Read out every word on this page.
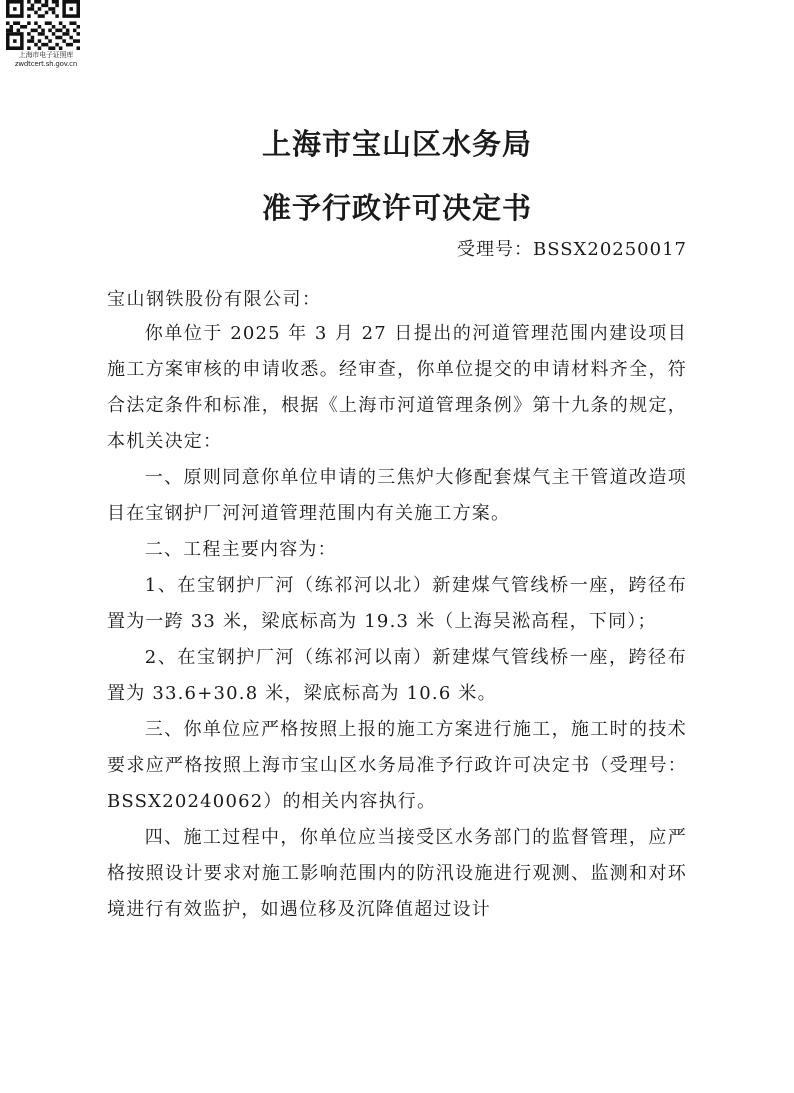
上海市电子证照库
zwdtcert.sh.gov.cn
上海市宝山区水务局
准予行政许可决定书
受理号：BSSX20250017
宝山钢铁股份有限公司：

你单位于 2025 年 3 月 27 日提出的河道管理范围内建设项目施工方案审核的申请收悉。经审查，你单位提交的申请材料齐全，符合法定条件和标准，根据《上海市河道管理条例》第十九条的规定，本机关决定：

一、原则同意你单位申请的三焦炉大修配套煤气主干管道改造项目在宝钢护厂河河道管理范围内有关施工方案。

二、工程主要内容为：

1、在宝钢护厂河（练祁河以北）新建煤气管线桥一座，跨径布置为一跨 33 米，梁底标高为 19.3 米（上海吴淞高程，下同）；

2、在宝钢护厂河（练祁河以南）新建煤气管线桥一座，跨径布置为 33.6+30.8 米，梁底标高为 10.6 米。

三、你单位应严格按照上报的施工方案进行施工，施工时的技术要求应严格按照上海市宝山区水务局准予行政许可决定书（受理号：BSSX20240062）的相关内容执行。

四、施工过程中，你单位应当接受区水务部门的监督管理，应严格按照设计要求对施工影响范围内的防汛设施进行观测、监测和对环境进行有效监护，如遇位移及沉降值超过设计
